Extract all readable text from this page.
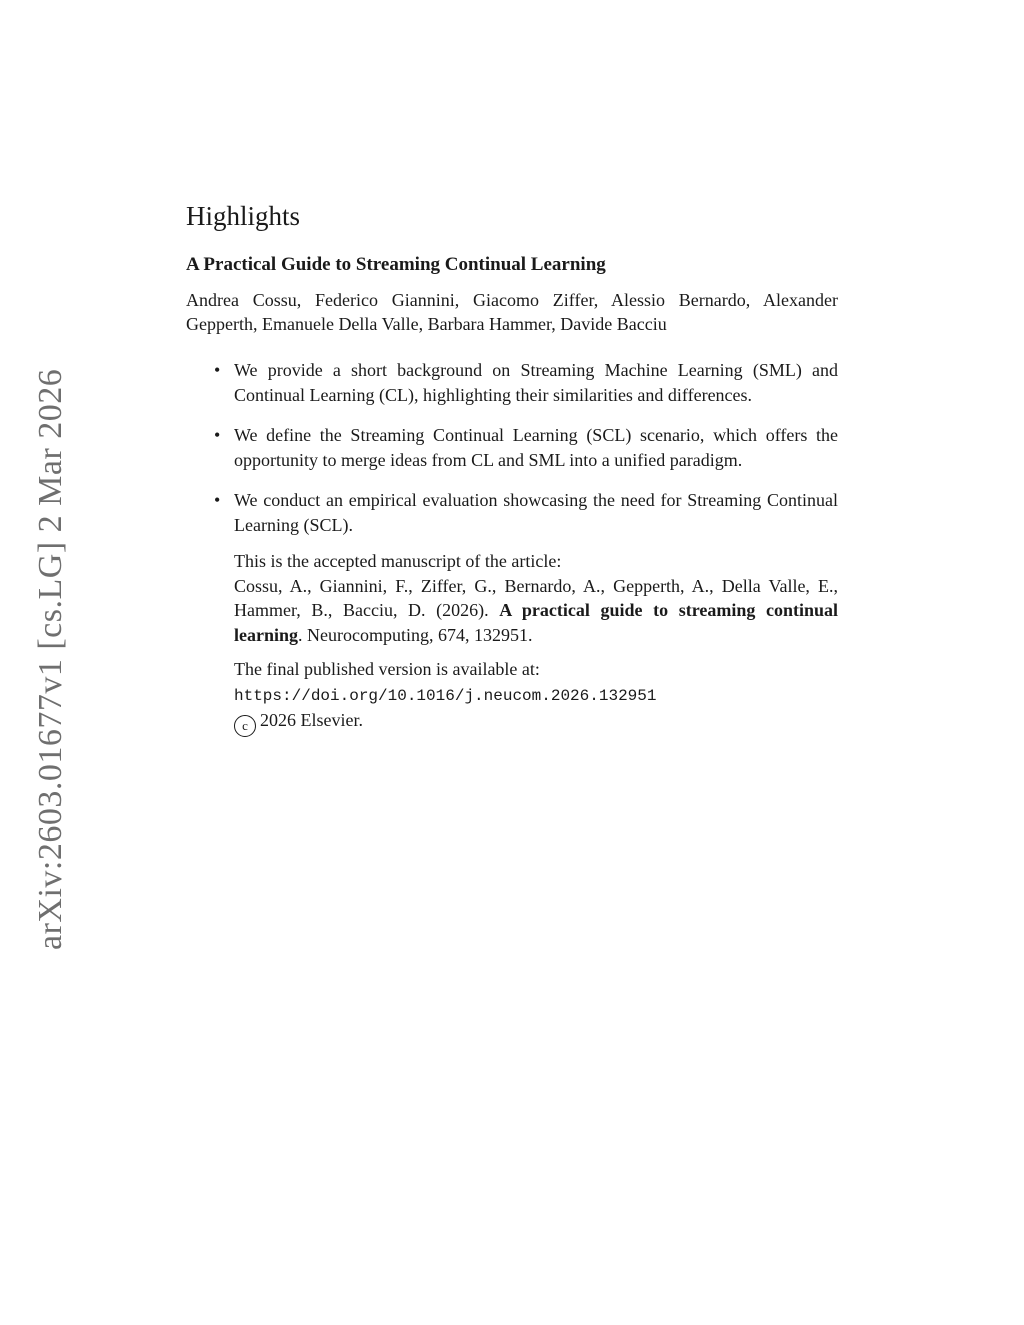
arXiv:2603.01677v1 [cs.LG] 2 Mar 2026
Highlights
A Practical Guide to Streaming Continual Learning
Andrea Cossu, Federico Giannini, Giacomo Ziffer, Alessio Bernardo, Alexander Gepperth, Emanuele Della Valle, Barbara Hammer, Davide Bacciu
• We provide a short background on Streaming Machine Learning (SML) and Continual Learning (CL), highlighting their similarities and differences.
• We define the Streaming Continual Learning (SCL) scenario, which offers the opportunity to merge ideas from CL and SML into a unified paradigm.
• We conduct an empirical evaluation showcasing the need for Streaming Continual Learning (SCL).

This is the accepted manuscript of the article:

Cossu, A., Giannini, F., Ziffer, G., Bernardo, A., Gepperth, A., Della Valle, E., Hammer, B., Bacciu, D. (2026). A practical guide to streaming continual learning. Neurocomputing, 674, 132951.

The final published version is available at:

https://doi.org/10.1016/j.neucom.2026.132951

c 2026 Elsevier.
